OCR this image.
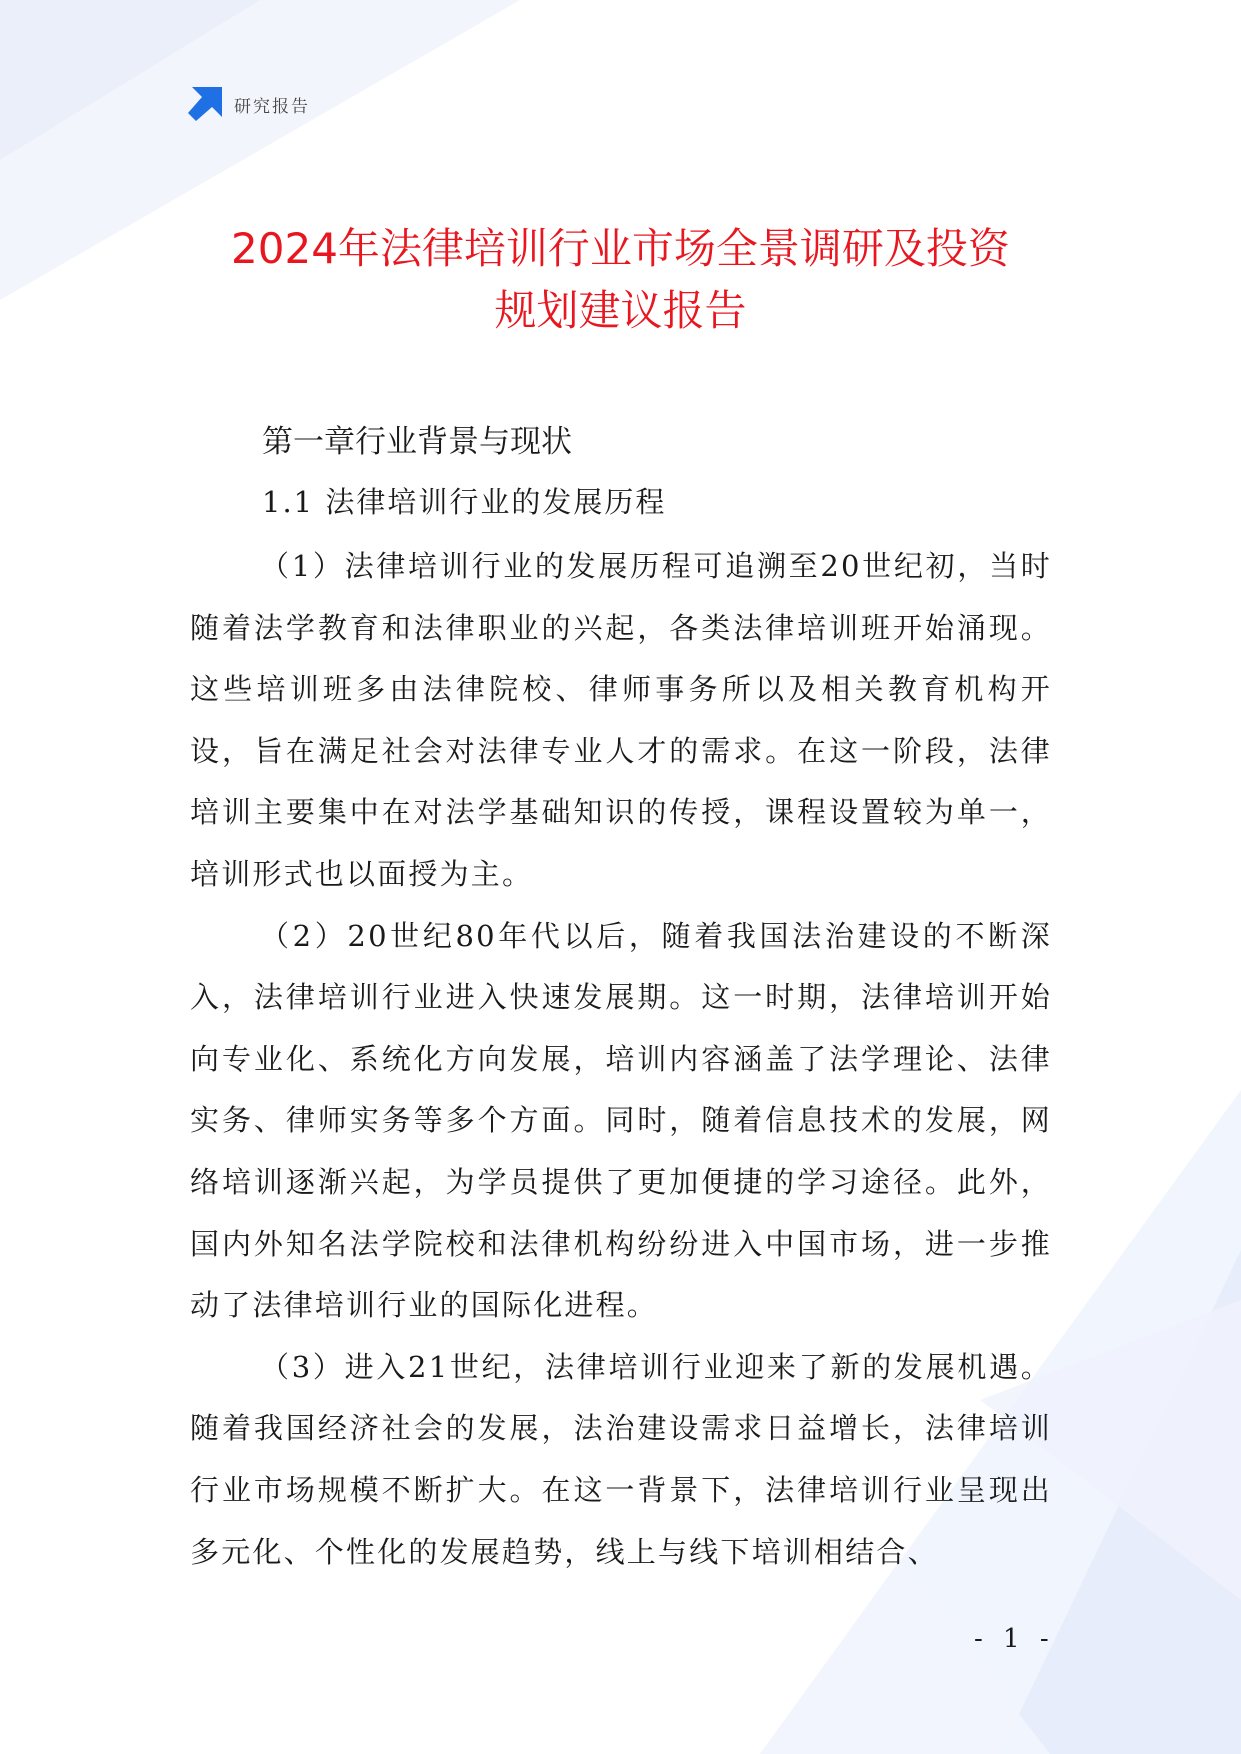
研究报告
2024年法律培训行业市场全景调研及投资
规划建议报告
第一章行业背景与现状
1.1 法律培训行业的发展历程

（1）法律培训行业的发展历程可追溯至20世纪初，当时随着法学教育和法律职业的兴起，各类法律培训班开始涌现。这些培训班多由法律院校、律师事务所以及相关教育机构开设，旨在满足社会对法律专业人才的需求。在这一阶段，法律培训主要集中在对法学基础知识的传授，课程设置较为单一，培训形式也以面授为主。

（2）20世纪80年代以后，随着我国法治建设的不断深入，法律培训行业进入快速发展期。这一时期，法律培训开始向专业化、系统化方向发展，培训内容涵盖了法学理论、法律实务、律师实务等多个方面。同时，随着信息技术的发展，网络培训逐渐兴起，为学员提供了更加便捷的学习途径。此外，国内外知名法学院校和法律机构纷纷进入中国市场，进一步推动了法律培训行业的国际化进程。

（3）进入21世纪，法律培训行业迎来了新的发展机遇。随着我国经济社会的发展，法治建设需求日益增长，法律培训行业市场规模不断扩大。在这一背景下，法律培训行业呈现出多元化、个性化的发展趋势，线上与线下培训相结合、

- 1 -
